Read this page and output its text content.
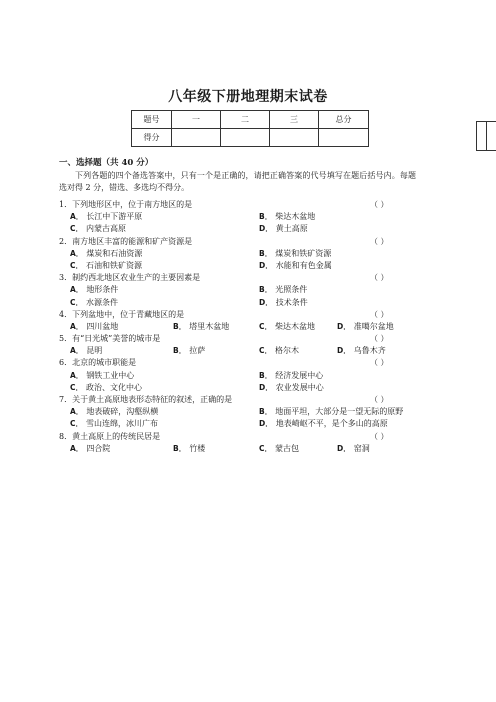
八年级下册地理期末试卷
题号	一	二	三	总分
得分				
一、选择题（共 40 分）
下列各题的四个备选答案中，只有一个是正确的，请把正确答案的代号填写在题后括号内。每题选对得 2 分，错选、多选均不得分。
1．下列地形区中，位于南方地区的是	（ ）
A． 长江中下游平原	B． 柴达木盆地
C． 内蒙古高原	D． 黄土高原
2．南方地区丰富的能源和矿产资源是	（ ）
A． 煤炭和石油资源	B． 煤炭和铁矿资源
C． 石油和铁矿资源	D． 水能和有色金属
3．制约西北地区农业生产的主要因素是	（ ）
A． 地形条件	B． 光照条件
C． 水源条件	D． 技术条件
4．下列盆地中，位于青藏地区的是	（ ）
A． 四川盆地	B． 塔里木盆地	C． 柴达木盆地	D． 准噶尔盆地
5．有“日光城”美誉的城市是	（ ）
A． 昆明	B． 拉萨	C． 格尔木	D． 乌鲁木齐
6．北京的城市职能是	（ ）
A． 钢铁工业中心	B． 经济发展中心
C． 政治、文化中心	D． 农业发展中心
7．关于黄土高原地表形态特征的叙述，正确的是	（ ）
A． 地表破碎，沟壑纵横	B． 地面平坦，大部分是一望无际的原野
C． 雪山连绵，冰川广布	D． 地表崎岖不平，是个多山的高原
8．黄土高原上的传统民居是	（ ）
A． 四合院	B． 竹楼	C． 蒙古包	D． 窑洞
